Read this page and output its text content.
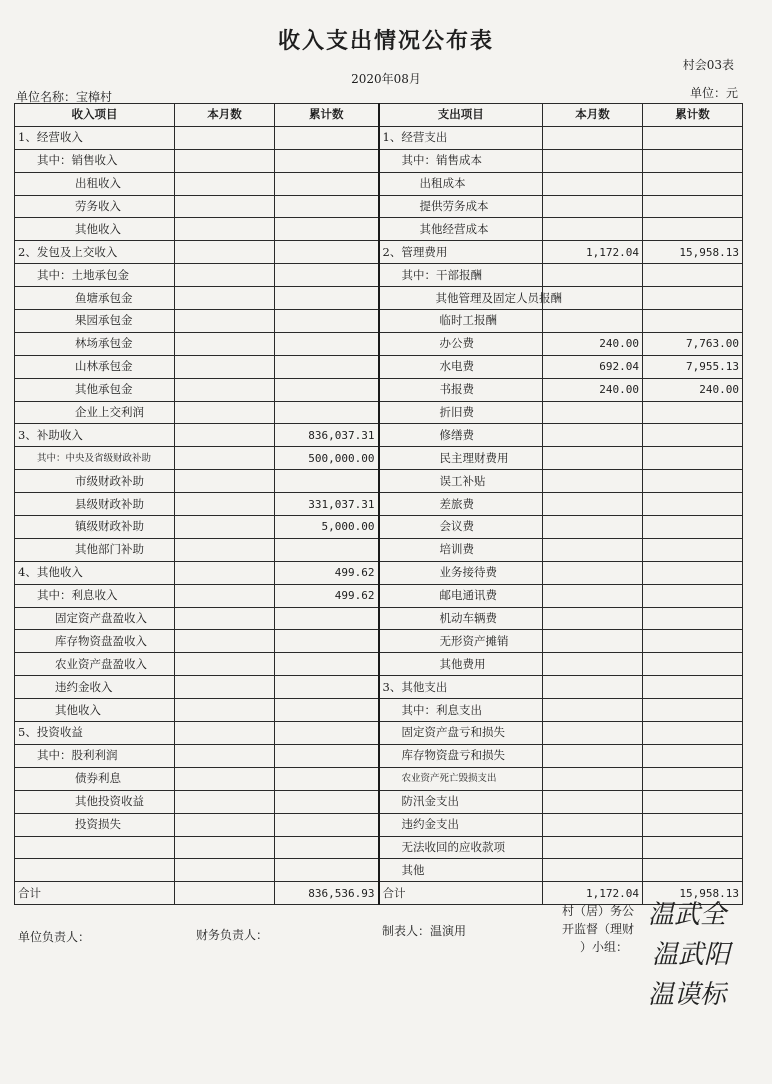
收入支出情况公布表
村会03表
2020年08月
单位名称：宝樟村	单位：元
收入项目	本月数	累计数	支出项目	本月数	累计数
1、经营收入			1、经营支出		
其中：销售收入			其中：销售成本		
出租收入			出租成本		
劳务收入			提供劳务成本		
其他收入			其他经营成本		
2、发包及上交收入			2、管理费用	1,172.04	15,958.13
其中：土地承包金			其中：干部报酬		
鱼塘承包金			其他管理及固定人员报酬		
果园承包金			临时工报酬		
林场承包金			办公费	240.00	7,763.00
山林承包金			水电费	692.04	7,955.13
其他承包金			书报费	240.00	240.00
企业上交利润			折旧费		
3、补助收入		836,037.31	修缮费		
其中：中央及省级财政补助		500,000.00	民主理财费用		
市级财政补助			误工补贴		
县级财政补助		331,037.31	差旅费		
镇级财政补助		5,000.00	会议费		
其他部门补助			培训费		
4、其他收入		499.62	业务接待费		
其中：利息收入		499.62	邮电通讯费		
固定资产盘盈收入			机动车辆费		
库存物资盘盈收入			无形资产摊销		
农业资产盘盈收入			其他费用		
违约金收入			3、其他支出		
其他收入			其中：利息支出		
5、投资收益			固定资产盘亏和损失		
其中：股利利润			库存物资盘亏和损失		
债券利息			农业资产死亡毁损支出		
其他投资收益			防汛金支出		
投资损失			违约金支出		
			无法收回的应收款项		
			其他		
合计		836,536.93	合计	1,172.04	15,958.13
单位负责人：	财务负责人：	制表人：温演用
村（居）务公
开监督（理财
）小组：
温武全
温武阳
温谟标
